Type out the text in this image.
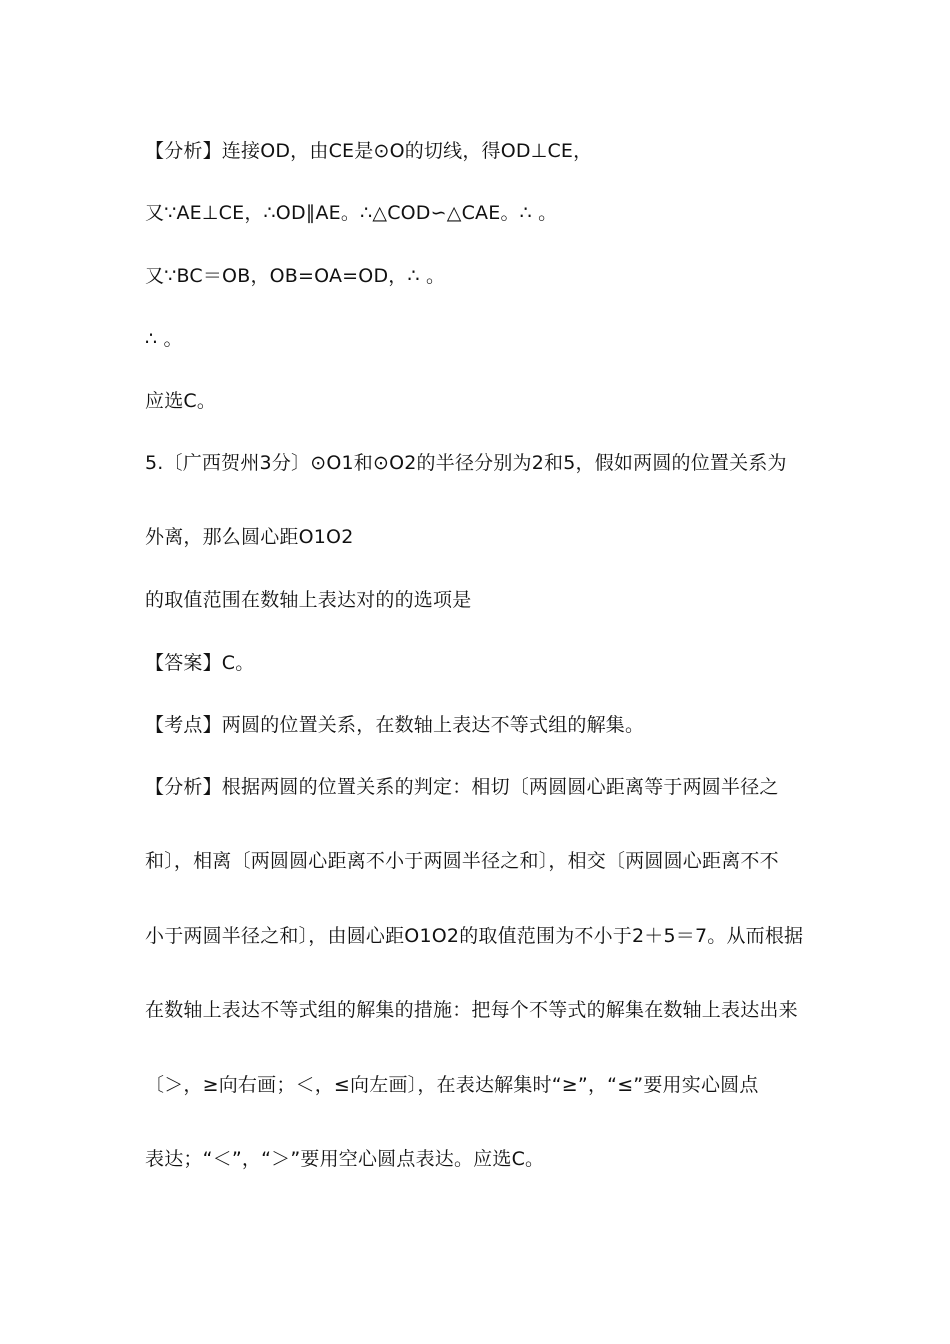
【分析】连接OD，由CE是⊙O的切线，得OD⊥CE，
又∵AE⊥CE，∴OD∥AE。∴△COD∽△CAE。∴ 。
又∵BC＝OB，OB=OA=OD，∴ 。
∴ 。
应选C。
5.〔广西贺州3分〕⊙O1和⊙O2的半径分别为2和5，假如两圆的位置关系为
外离，那么圆心距O1O2
的取值范围在数轴上表达对的的选项是
【答案】C。
【考点】两圆的位置关系，在数轴上表达不等式组的解集。
【分析】根据两圆的位置关系的判定：相切〔两圆圆心距离等于两圆半径之
和〕，相离〔两圆圆心距离不小于两圆半径之和〕，相交〔两圆圆心距离不不
小于两圆半径之和〕，由圆心距O1O2的取值范围为不小于2＋5＝7。从而根据
在数轴上表达不等式组的解集的措施：把每个不等式的解集在数轴上表达出来
〔＞，≥向右画；＜，≤向左画〕，在表达解集时“≥”，“≤”要用实心圆点
表达；“＜”，“＞”要用空心圆点表达。应选C。
